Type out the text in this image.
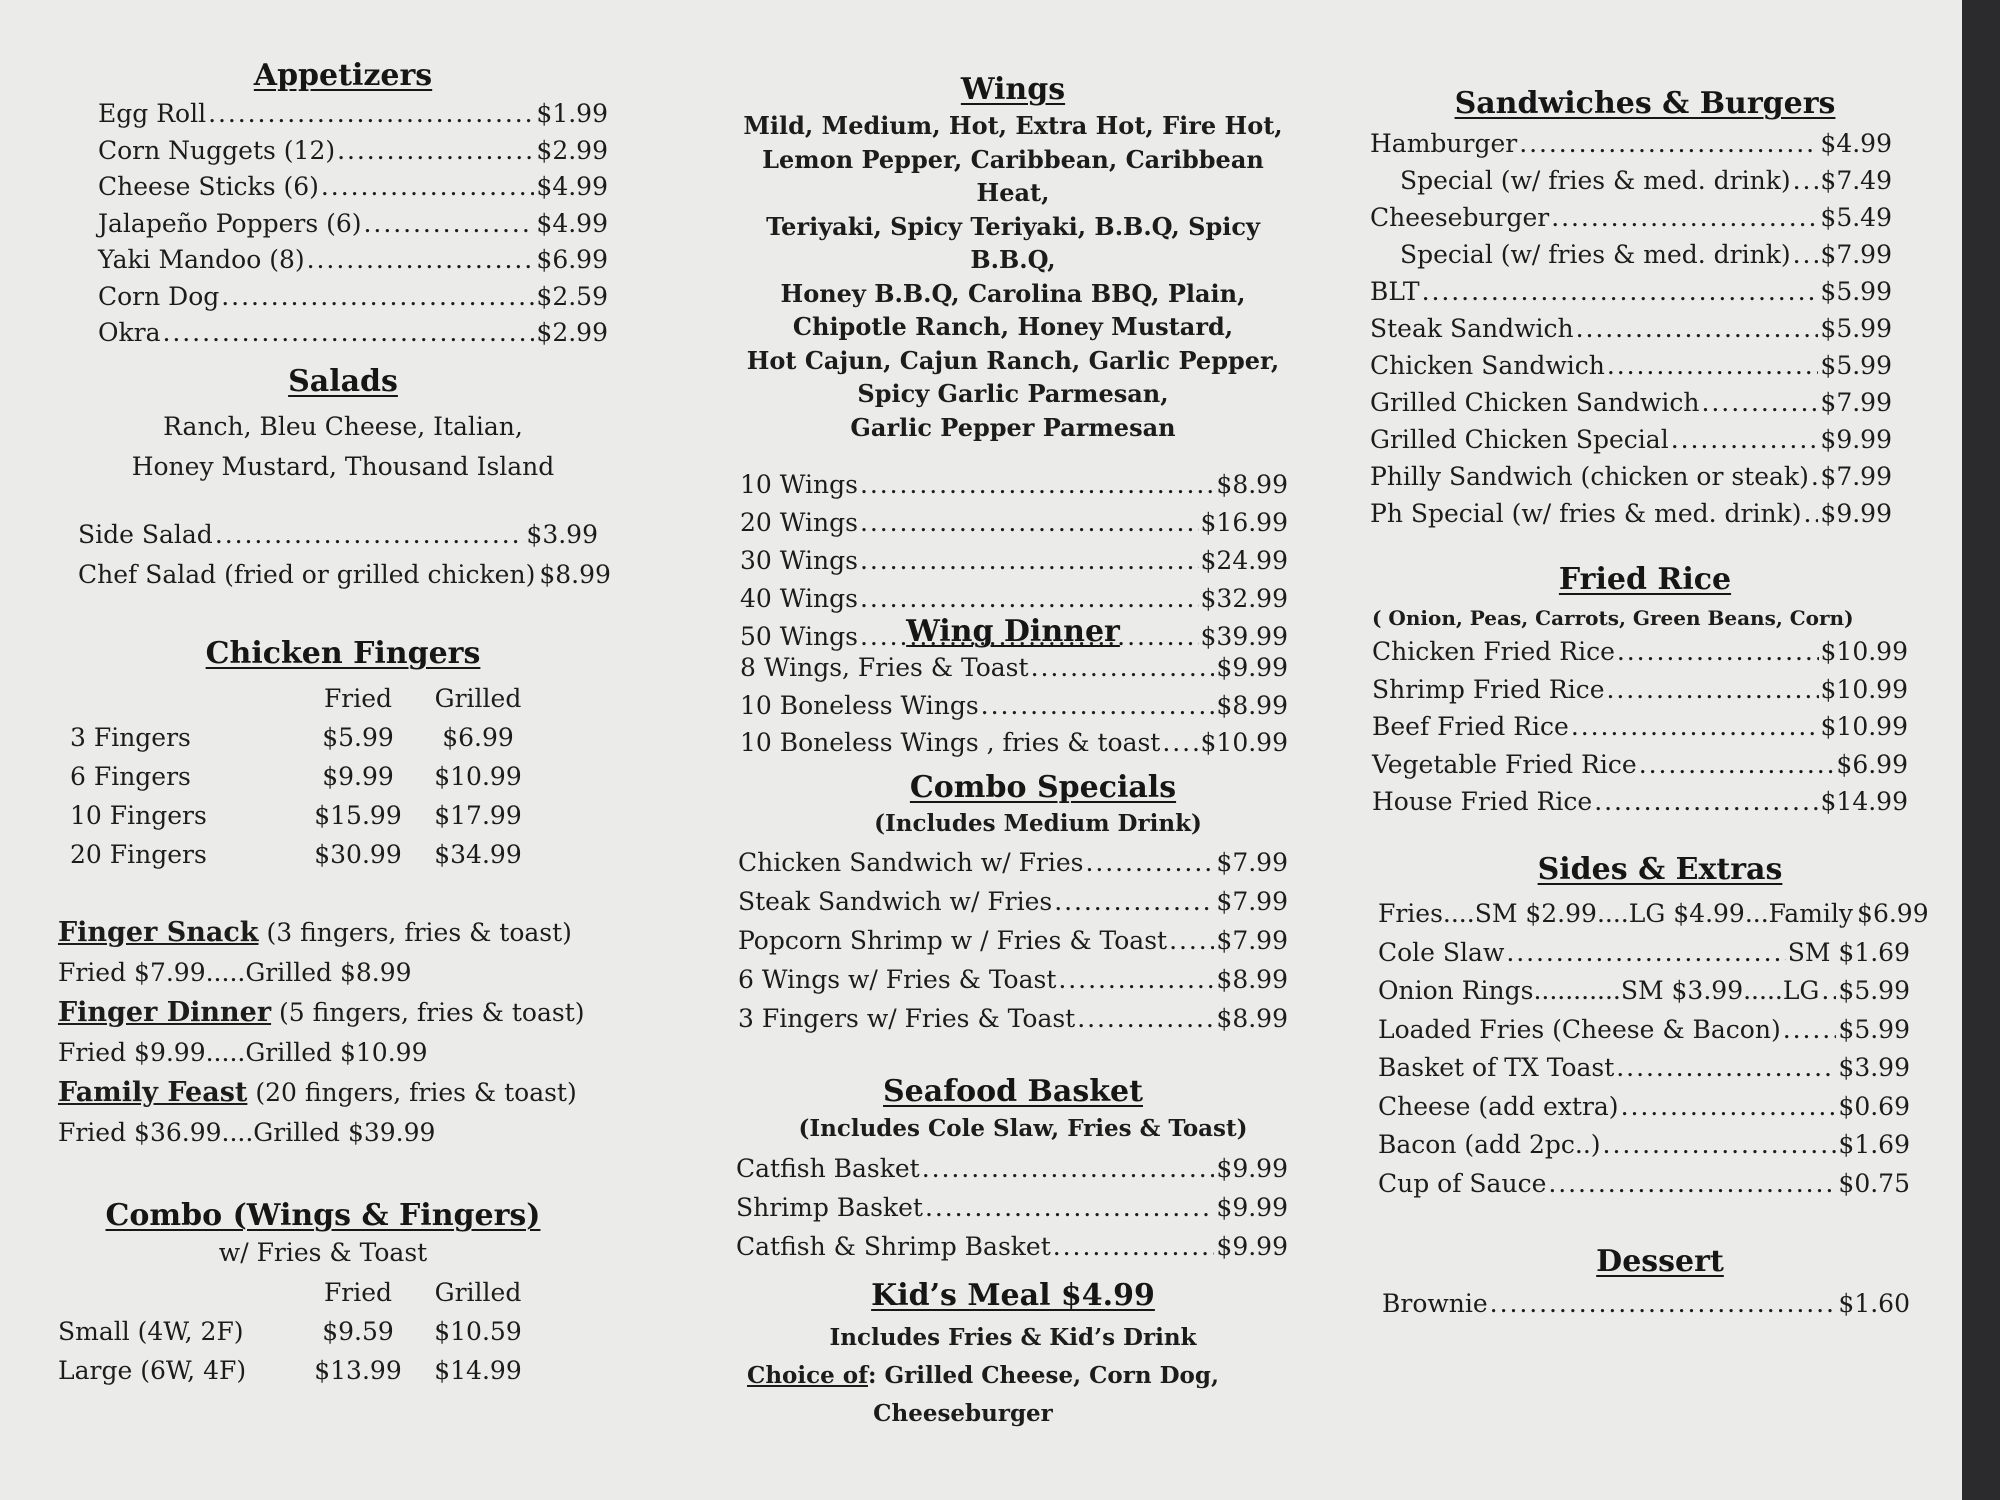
Appetizers
Egg Roll . . .	$1.99
Corn Nuggets (12) . . .	$2.99
Cheese Sticks (6) . . .	$4.99
Jalapeño Poppers (6) . . .	$4.99
Yaki Mandoo (8) . . .	$6.99
Corn Dog . . .	$2.59
Okra . . .	$2.99
Salads
Ranch, Bleu Cheese, Italian,
Honey Mustard, Thousand Island
Side Salad . . .	$3.99
Chef Salad (fried or grilled chicken) $8.99
Chicken Fingers
Fried	Grilled
3 Fingers	$5.99	$6.99
6 Fingers	$9.99	$10.99
10 Fingers	$15.99	$17.99
20 Fingers	$30.99	$34.99
Finger Snack (3 fingers, fries & toast)
Fried $7.99.....Grilled $8.99
Finger Dinner (5 fingers, fries & toast)
Fried $9.99.....Grilled $10.99
Family Feast (20 fingers, fries & toast)
Fried $36.99....Grilled $39.99
Combo (Wings & Fingers)
w/ Fries & Toast
Fried	Grilled
Small (4W, 2F)	$9.59	$10.59
Large (6W, 4F)	$13.99	$14.99
Wings
Mild, Medium, Hot, Extra Hot, Fire Hot,
Lemon Pepper, Caribbean, Caribbean Heat,
Teriyaki, Spicy Teriyaki, B.B.Q, Spicy B.B.Q,
Honey B.B.Q, Carolina BBQ, Plain,
Chipotle Ranch, Honey Mustard,
Hot Cajun, Cajun Ranch, Garlic Pepper,
Spicy Garlic Parmesan,
Garlic Pepper Parmesan
10 Wings . . .	$8.99
20 Wings . . .	$16.99
30 Wings . . .	$24.99
40 Wings . . .	$32.99
50 Wings . . .	$39.99
Wing Dinner
8 Wings, Fries & Toast . . .	$9.99
10 Boneless Wings . . .	$8.99
10 Boneless Wings , fries & toast . . . $10.99
Combo Specials
(Includes Medium Drink)
Chicken Sandwich w/ Fries . . .	$7.99
Steak Sandwich w/ Fries . . .	$7.99
Popcorn Shrimp w / Fries & Toast . . . $7.99
6 Wings w/ Fries & Toast . . .	$8.99
3 Fingers w/ Fries & Toast . . .	$8.99
Seafood Basket
(Includes Cole Slaw, Fries & Toast)
Catfish Basket . . .	$9.99
Shrimp Basket . . .	$9.99
Catfish & Shrimp Basket . . .	$9.99
Kid’s Meal $4.99
Includes Fries & Kid’s Drink
Choice of: Grilled Cheese, Corn Dog,
Cheeseburger
Sandwiches & Burgers
Hamburger . . .	$4.99
Special (w/ fries & med. drink) . . . $7.49
Cheeseburger . . .	$5.49
Special (w/ fries & med. drink) . . . $7.99
BLT . . .	$5.99
Steak Sandwich . . .	$5.99
Chicken Sandwich . . .	$5.99
Grilled Chicken Sandwich . . .	$7.99
Grilled Chicken Special . . .	$9.99
Philly Sandwich (chicken or steak) . . . $7.99
Ph Special (w/ fries & med. drink) . . . $9.99
Fried Rice
( Onion, Peas, Carrots, Green Beans, Corn)
Chicken Fried Rice . . .	$10.99
Shrimp Fried Rice . . .	$10.99
Beef Fried Rice . . .	$10.99
Vegetable Fried Rice . . .	$6.99
House Fried Rice . . .	$14.99
Sides & Extras
Fries....SM $2.99....LG $4.99...Family $6.99
Cole Slaw . . .	SM $1.69
Onion Rings...........SM $3.99.....LG . . . $5.99
Loaded Fries (Cheese & Bacon) . . . $5.99
Basket of TX Toast . . .	$3.99
Cheese (add extra) . . .	$0.69
Bacon (add 2pc..) . . .	$1.69
Cup of Sauce . . .	$0.75
Dessert
Brownie . . .	$1.60
